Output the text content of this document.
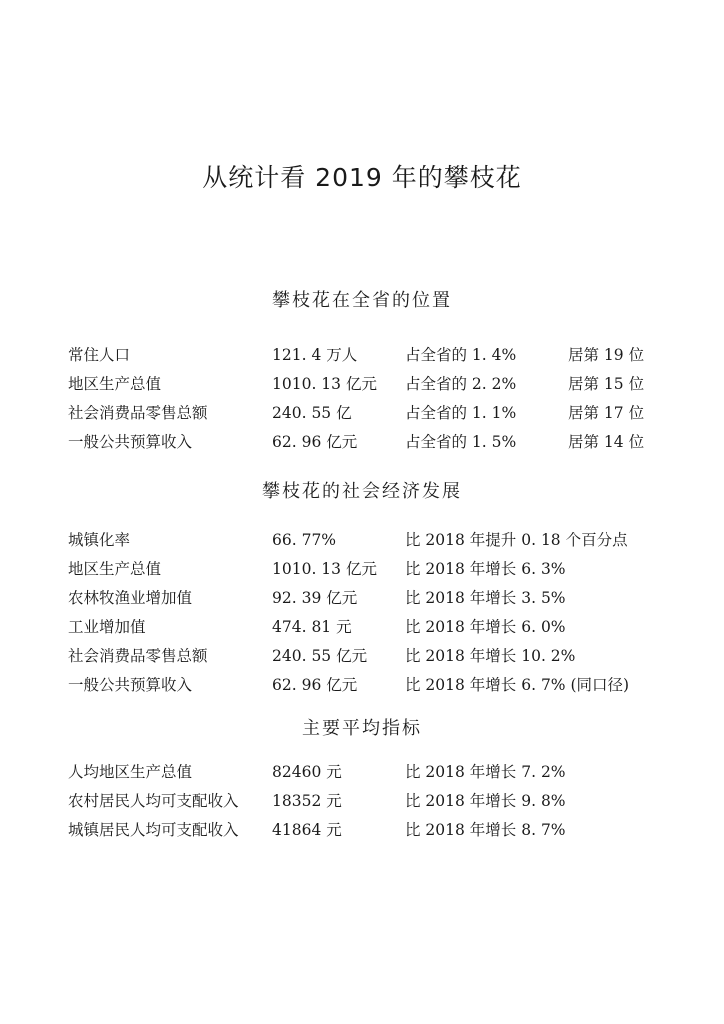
从统计看 2019 年的攀枝花
攀枝花在全省的位置
常住人口	121. 4 万人	占全省的 1. 4%	居第 19 位
地区生产总值	1010. 13 亿元 占全省的 2. 2%	居第 15 位
社会消费品零售总额	240. 55 亿	占全省的 1. 1%	居第 17 位
一般公共预算收入	62. 96 亿元	占全省的 1. 5%	居第 14 位
攀枝花的社会经济发展
城镇化率	66. 77%	比 2018 年提升 0. 18 个百分点
地区生产总值	1010. 13 亿元 比 2018 年增长 6. 3%
农林牧渔业增加值	92. 39 亿元	比 2018 年增长 3. 5%
工业增加值	474. 81 元	比 2018 年增长 6. 0%
社会消费品零售总额	240. 55 亿元 比 2018 年增长 10. 2%
一般公共预算收入	62. 96 亿元	比 2018 年增长 6. 7% (同口径)
主要平均指标
人均地区生产总值	82460 元	比 2018 年增长 7. 2%
农村居民人均可支配收入 18352 元	比 2018 年增长 9. 8%
城镇居民人均可支配收入 41864 元	比 2018 年增长 8. 7%
